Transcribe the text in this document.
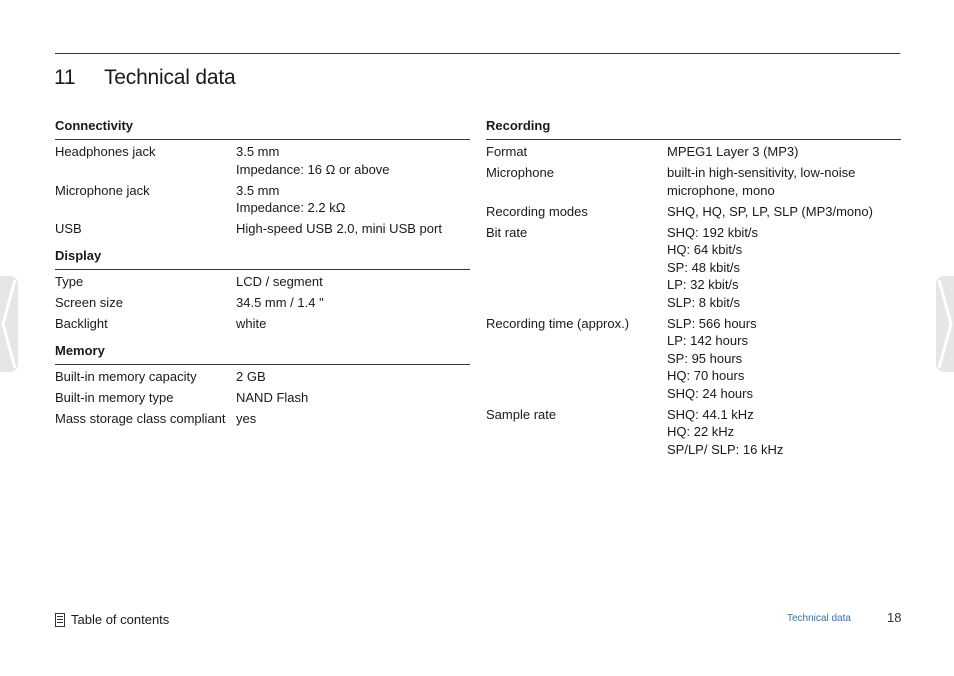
11 Technical data
Connectivity
Headphones jack	3.5 mm
Impedance: 16 Ω or above
Microphone jack	3.5 mm
Impedance: 2.2 kΩ
USB	High-speed USB 2.0, mini USB port
Display
Type	LCD / segment
Screen size	34.5 mm / 1.4 "
Backlight	white
Memory
Built-in memory capacity	2 GB
Built-in memory type	NAND Flash
Mass storage class compliant yes
Recording
Format	MPEG1 Layer 3 (MP3)
Microphone	built-in high-sensitivity, low-noise
microphone, mono
Recording modes	SHQ, HQ, SP, LP, SLP (MP3/mono)
Bit rate	SHQ: 192 kbit/s
HQ: 64 kbit/s
SP: 48 kbit/s
LP: 32 kbit/s
SLP: 8 kbit/s
Recording time (approx.)	SLP: 566 hours
LP: 142 hours
SP: 95 hours
HQ: 70 hours
SHQ: 24 hours
Sample rate	SHQ: 44.1 kHz
HQ: 22 kHz
SP/LP/ SLP: 16 kHz
Table of contents	Technical data	18
